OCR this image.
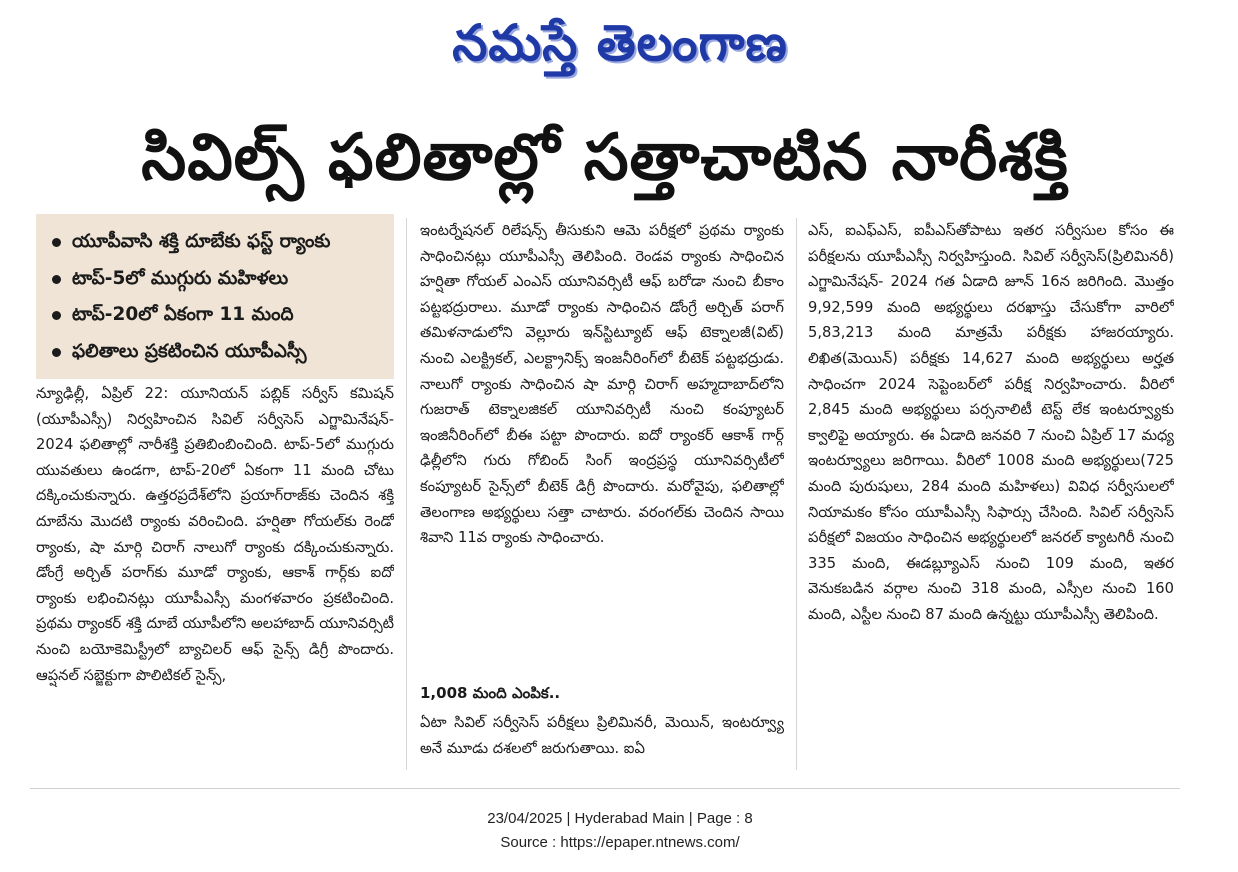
నమస్తే తెలంగాణ
సివిల్స్ ఫలితాల్లో సత్తాచాటిన నారీశక్తి
యూపీవాసి శక్తి దూబేకు ఫస్ట్ ర్యాంకు
టాప్-5లో ముగ్గురు మహిళలు
టాప్-20లో ఏకంగా 11 మంది
ఫలితాలు ప్రకటించిన యూపీఎస్సీ

న్యూఢిల్లీ, ఏప్రిల్ 22: యూనియన్ పబ్లిక్ సర్వీస్ కమిషన్ (యూపీఎస్సీ) నిర్వహించిన సివిల్ సర్వీసెస్ ఎగ్జామినేషన్- 2024 ఫలితాల్లో నారీశక్తి ప్రతిబింబించింది. టాప్-5లో ముగ్గురు యువతులు ఉండగా, టాప్-20లో ఏకంగా 11 మంది చోటు దక్కించుకున్నారు. ఉత్తరప్రదేశ్‌లోని ప్రయాగ్‌రాజ్‌కు చెందిన శక్తి దూబేను మొదటి ర్యాంకు వరించింది. హర్షితా గోయల్‌కు రెండో ర్యాంకు, షా మార్గి చిరాగ్ నాలుగో ర్యాంకు దక్కించుకున్నారు. డోంగ్రే అర్చిత్ పరాగ్‌కు మూడో ర్యాంకు, ఆకాశ్ గార్గ్‌కు ఐదో ర్యాంకు లభించినట్లు యూపీఎస్సీ మంగళవారం ప్రకటించింది. ప్రథమ ర్యాంకర్ శక్తి దూబే యూపీలోని అలహాబాద్ యూనివర్సిటీ నుంచి బయోకెమిస్ట్రీలో బ్యాచిలర్ ఆఫ్ సైన్స్ డిగ్రీ పొందారు. ఆప్షనల్ సబ్జెక్టుగా పొలిటికల్ సైన్స్,

ఇంటర్నేషనల్ రిలేషన్స్ తీసుకుని ఆమె పరీక్షలో ప్రథమ ర్యాంకు సాధించినట్లు యూపీఎస్సీ తెలిపింది. రెండవ ర్యాంకు సాధించిన హర్షితా గోయల్ ఎంఎస్ యూనివర్సిటీ ఆఫ్ బరోడా నుంచి బీకాం పట్టభద్రురాలు. మూడో ర్యాంకు సాధించిన డోంగ్రే అర్చిత్ పరాగ్ తమిళనాడులోని వెల్లూరు ఇన్‌స్టిట్యూట్ ఆఫ్ టెక్నాలజీ(విట్) నుంచి ఎలక్ట్రికల్, ఎలక్ట్రానిక్స్ ఇంజనీరింగ్‌లో బీటెక్ పట్టభద్రుడు. నాలుగో ర్యాంకు సాధించిన షా మార్గి చిరాగ్ అహ్మదాబాద్‌లోని గుజరాత్ టెక్నాలజికల్ యూనివర్సిటీ నుంచి కంప్యూటర్ ఇంజినీరింగ్‌లో బీఈ పట్టా పొందారు. ఐదో ర్యాంకర్ ఆకాశ్ గార్గ్ ఢిల్లీలోని గురు గోబింద్ సింగ్ ఇంద్రప్రస్థ యూనివర్సిటీలో కంప్యూటర్ సైన్స్‌లో బీటెక్ డిగ్రీ పొందారు. మరోవైపు, ఫలితాల్లో తెలంగాణ అభ్యర్థులు సత్తా చాటారు. వరంగల్‌కు చెందిన సాయి శివాని 11వ ర్యాంకు సాధించారు.

1,008 మంది ఎంపిక..

ఏటా సివిల్ సర్వీసెస్ పరీక్షలు ప్రిలిమినరీ, మెయిన్, ఇంటర్వ్యూ అనే మూడు దశలలో జరుగుతాయి. ఐఏ

ఎస్, ఐఎఫ్‌ఎస్, ఐపీఎస్‌తోపాటు ఇతర సర్వీసుల కోసం ఈ పరీక్షలను యూపీఎస్సీ నిర్వహిస్తుంది. సివిల్ సర్వీసెస్(ప్రిలిమినరీ) ఎగ్జామినేషన్- 2024 గత ఏడాది జూన్ 16న జరిగింది. మొత్తం 9,92,599 మంది అభ్యర్థులు దరఖాస్తు చేసుకోగా వారిలో 5,83,213 మంది మాత్రమే పరీక్షకు హాజరయ్యారు. లిఖిత(మెయిన్) పరీక్షకు 14,627 మంది అభ్యర్థులు అర్హత సాధించగా 2024 సెప్టెంబర్‌లో పరీక్ష నిర్వహించారు. వీరిలో 2,845 మంది అభ్యర్థులు పర్సనాలిటీ టెస్ట్ లేక ఇంటర్వ్యూకు క్వాలిఫై అయ్యారు. ఈ ఏడాది జనవరి 7 నుంచి ఏప్రిల్ 17 మధ్య ఇంటర్వ్యూలు జరిగాయి. వీరిలో 1008 మంది అభ్యర్థులు(725 మంది పురుషులు, 284 మంది మహిళలు) వివిధ సర్వీసులలో నియామకం కోసం యూపీఎస్సీ సిఫార్సు చేసింది. సివిల్ సర్వీసెస్ పరీక్షలో విజయం సాధించిన అభ్యర్థులలో జనరల్ క్యాటగిరీ నుంచి 335 మంది, ఈడబ్ల్యూఎస్ నుంచి 109 మంది, ఇతర వెనుకబడిన వర్గాల నుంచి 318 మంది, ఎస్సీల నుంచి 160 మంది, ఎస్టీల నుంచి 87 మంది ఉన్నట్టు యూపీఎస్సీ తెలిపింది.

23/04/2025 | Hyderabad Main | Page : 8
Source : https://epaper.ntnews.com/
